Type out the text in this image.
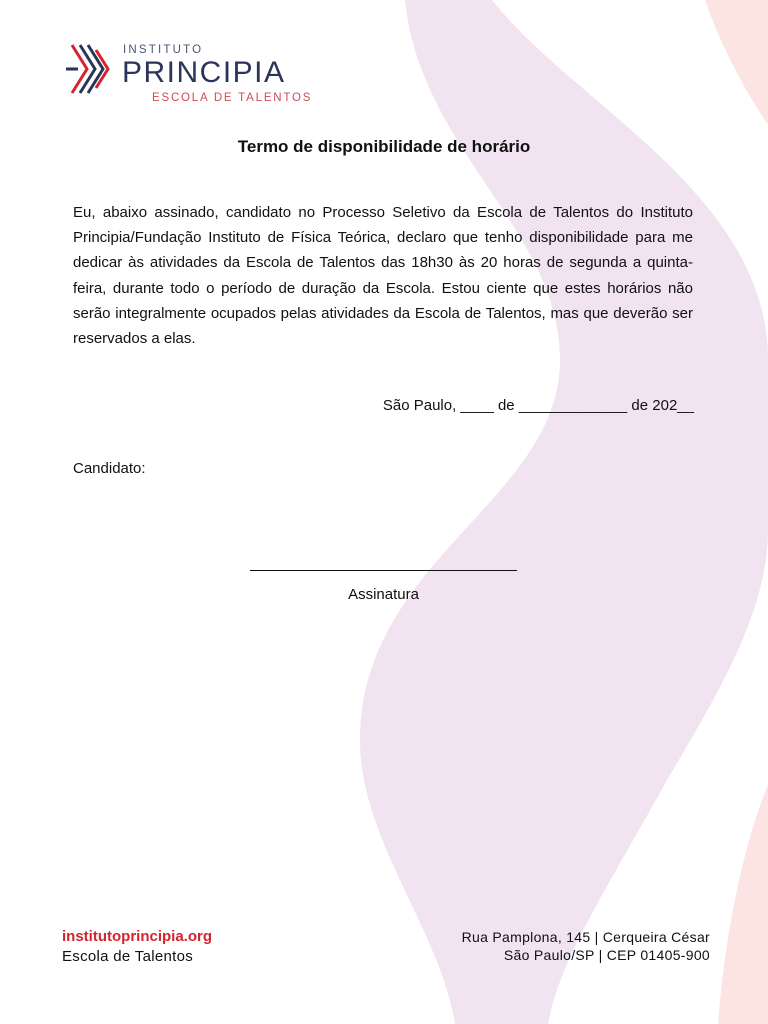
INSTITUTO
PRINCIPIA
ESCOLA DE TALENTOS
Termo de disponibilidade de horário
Eu, abaixo assinado, candidato no Processo Seletivo da Escola de Talentos do Instituto Principia/Fundação Instituto de Física Teórica, declaro que tenho disponibilidade para me dedicar às atividades da Escola de Talentos das 18h30 às 20 horas de segunda a quinta-feira, durante todo o período de duração da Escola. Estou ciente que estes horários não serão integralmente ocupados pelas atividades da Escola de Talentos, mas que deverão ser reservados a elas.
São Paulo, ____ de _____________ de 202__
Candidato:
Assinatura
institutoprincipia.org
Escola de Talentos
Rua Pamplona, 145 | Cerqueira César
São Paulo/SP | CEP 01405-900
